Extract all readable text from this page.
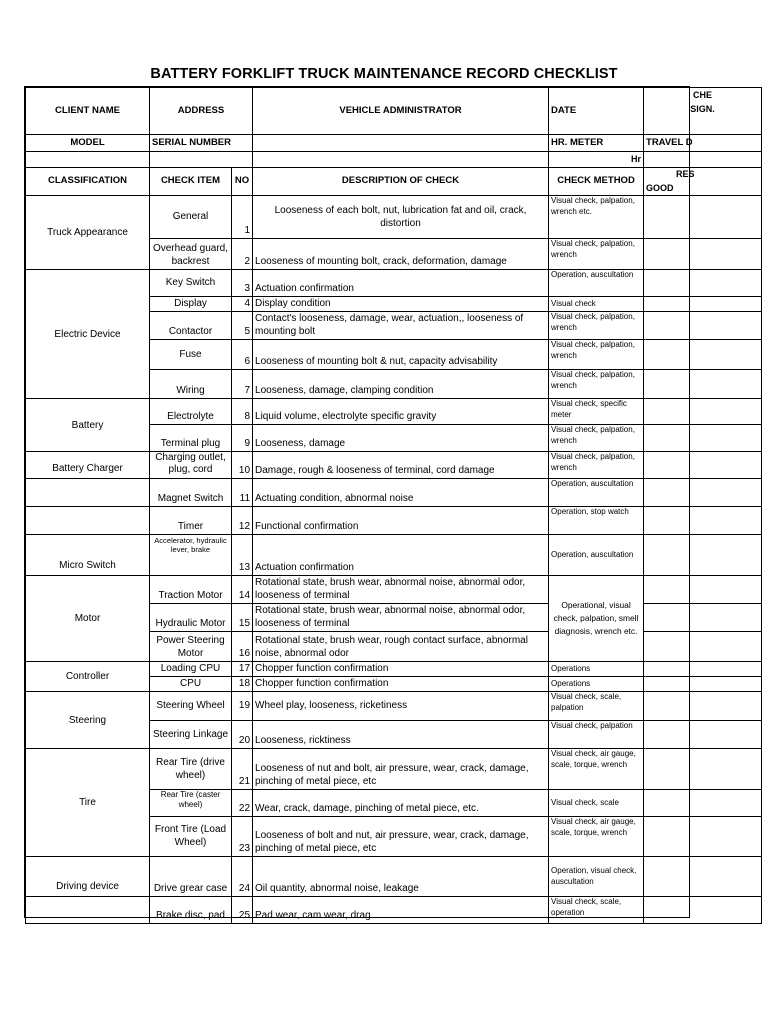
BATTERY FORKLIFT TRUCK MAINTENANCE RECORD CHECKLIST
CLIENT NAME	ADDRESS		VEHICLE ADMINISTRATOR	DATE	CHE
SIGN.

MODEL	SERIAL NUMBER			HR. METER	TRAVEL D
				Hr	
CLASSIFICATION	CHECK ITEM	NO	DESCRIPTION OF CHECK	CHECK METHOD	RES
GOOD

Truck Appearance	General	1	Looseness of each bolt, nut, lubrication fat and oil, crack, distortion	Visual check, palpation, wrench etc.	
	Overhead guard, backrest	2	Looseness of mounting bolt, crack, deformation, damage	Visual check, palpation, wrench	
Electric Device	Key Switch	3	Actuation confirmation	Operation, auscultation	
	Display	4	Display condition	Visual check	
	Contactor	5	Contact's looseness, damage, wear, actuation,, looseness of mounting bolt	Visual check, palpation, wrench	
	Fuse	6	Looseness of mounting bolt & nut, capacity advisability	Visual check, palpation, wrench	
	Wiring	7	Looseness, damage, clamping condition	Visual check, palpation, wrench	
Battery	Electrolyte	8	Liquid volume, electrolyte specific gravity	Visual check, specific meter	
	Terminal plug	9	Looseness, damage	Visual check, palpation, wrench	
Battery Charger	Charging outlet, plug, cord	10	Damage, rough & looseness of terminal, cord damage	Visual check, palpation, wrench	
	Magnet Switch	11	Actuating condition, abnormal noise	Operation, auscultation	
	Timer	12	Functional confirmation	Operation, stop watch	
Micro Switch	Accelerator, hydraulic lever, brake	13	Actuation confirmation	Operation, auscultation	
Motor	Traction Motor	14	Rotational state, brush wear, abnormal noise, abnormal odor, looseness of terminal	Operational, visual check, palpation, smell diagnosis, wrench etc.	
	Hydraulic Motor	15	Rotational state, brush wear, abnormal noise, abnormal odor, looseness of terminal		
	Power Steering Motor	16	Rotational state, brush wear, rough contact surface, abnormal noise, abnormal odor		
Controller	Loading CPU	17	Chopper function confirmation	Operations	
	CPU	18	Chopper function confirmation	Operations	
Steering	Steering Wheel	19	Wheel play, looseness, ricketiness	Visual check, scale, palpation	
	Steering Linkage	20	Looseness, ricktiness	Visual check, palpation	
Tire	Rear Tire (drive wheel)	21	Looseness of nut and bolt, air pressure, wear, crack, damage, pinching of metal piece, etc	Visual check, air gauge, scale, torque, wrench	
	Rear Tire (caster wheel)	22	Wear, crack, damage, pinching of metal piece, etc.	Visual check, scale	
	Front Tire (Load Wheel)	23	Looseness of bolt and nut, air pressure, wear, crack, damage, pinching of metal piece, etc	Visual check, air gauge, scale, torque, wrench	
Driving device	Drive grear case	24	Oil quantity, abnormal noise, leakage	Operation, visual check, auscultation	
	Brake disc, pad	25	Pad wear, cam wear, drag	Visual check, scale, operation	
